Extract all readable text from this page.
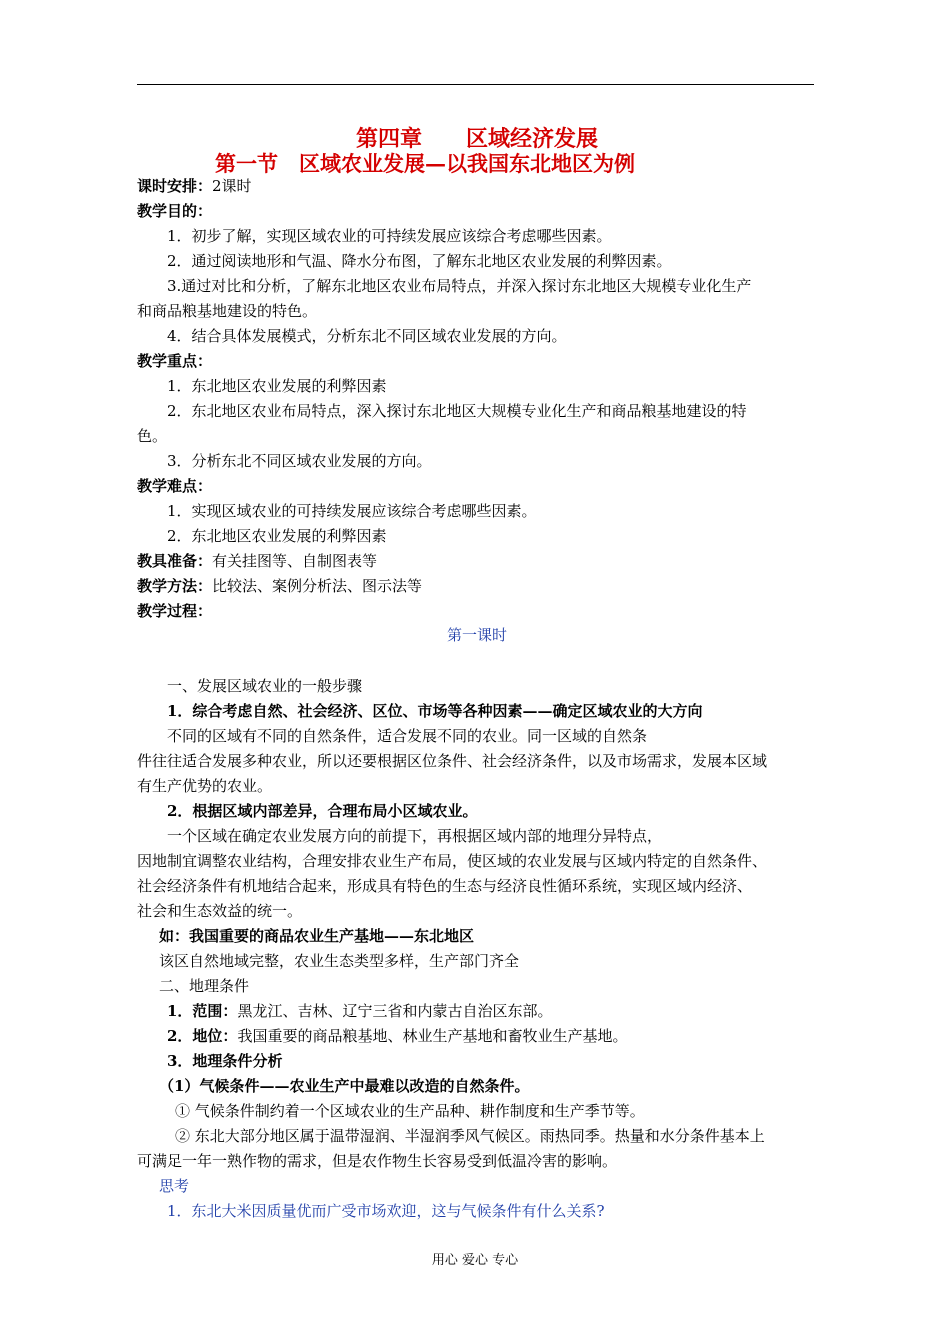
第四章　　区域经济发展
第一节　区域农业发展—以我国东北地区为例
课时安排：2课时
教学目的：
1．初步了解，实现区域农业的可持续发展应该综合考虑哪些因素。
2．通过阅读地形和气温、降水分布图，了解东北地区农业发展的利弊因素。
3.通过对比和分析，了解东北地区农业布局特点，并深入探讨东北地区大规模专业化生产
和商品粮基地建设的特色。
4．结合具体发展模式，分析东北不同区域农业发展的方向。
教学重点：
1．东北地区农业发展的利弊因素
2．东北地区农业布局特点，深入探讨东北地区大规模专业化生产和商品粮基地建设的特
色。
3．分析东北不同区域农业发展的方向。
教学难点：
1．实现区域农业的可持续发展应该综合考虑哪些因素。
2．东北地区农业发展的利弊因素
教具准备：有关挂图等、自制图表等
教学方法：比较法、案例分析法、图示法等
教学过程：
第一课时
一、发展区域农业的一般步骤
1．综合考虑自然、社会经济、区位、市场等各种因素——确定区域农业的大方向
不同的区域有不同的自然条件，适合发展不同的农业。同一区域的自然条
件往往适合发展多种农业，所以还要根据区位条件、社会经济条件，以及市场需求，发展本区域
有生产优势的农业。
2．根据区域内部差异，合理布局小区域农业。
一个区域在确定农业发展方向的前提下，再根据区域内部的地理分异特点，
因地制宜调整农业结构，合理安排农业生产布局，使区域的农业发展与区域内特定的自然条件、
社会经济条件有机地结合起来，形成具有特色的生态与经济良性循环系统，实现区域内经济、
社会和生态效益的统一。
如：我国重要的商品农业生产基地——东北地区
该区自然地域完整，农业生态类型多样，生产部门齐全
二、地理条件
1．范围：黑龙江、吉林、辽宁三省和内蒙古自治区东部。
2．地位：我国重要的商品粮基地、林业生产基地和畜牧业生产基地。
3．地理条件分析
（1）气候条件——农业生产中最难以改造的自然条件。
① 气候条件制约着一个区域农业的生产品种、耕作制度和生产季节等。
② 东北大部分地区属于温带湿润、半湿润季风气候区。雨热同季。热量和水分条件基本上
可满足一年一熟作物的需求，但是农作物生长容易受到低温冷害的影响。
思考
1．东北大米因质量优而广受市场欢迎，这与气候条件有什么关系?
用心 爱心 专心
